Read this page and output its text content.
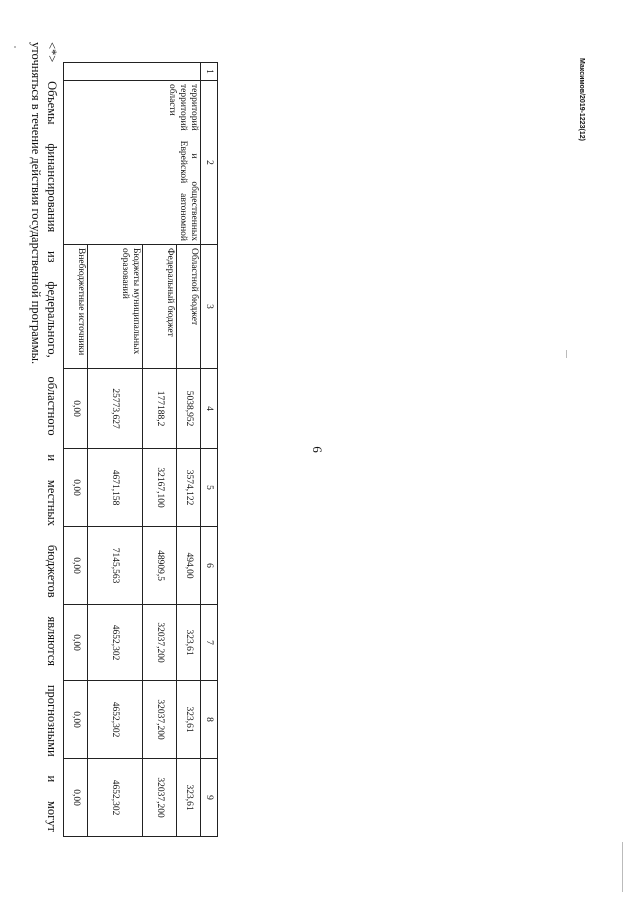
6
1	2	3	4	5	6	7	8	9
	территорий и общественных территорий Еврейской автономной области	Областной бюджет	5038,952	3574,122	494,00	323,61	323,61	323,61
		Федеральный бюджет	177188,2	32167,100	48909,5	32037,200	32037,200	32037,200
		Бюджеты муниципальных образований	25773,627	4671,158	7145,563	4652,302	4652,302	4652,302
		Внебюджетные источники	0,00	0,00	0,00	0,00	0,00	0,00

<*> Объемы финансирования из федерального, областного и местных бюджетов являются прогнозными и могут

уточняться в течение действия государственной программы.	Максимов/2019-1223(12)
